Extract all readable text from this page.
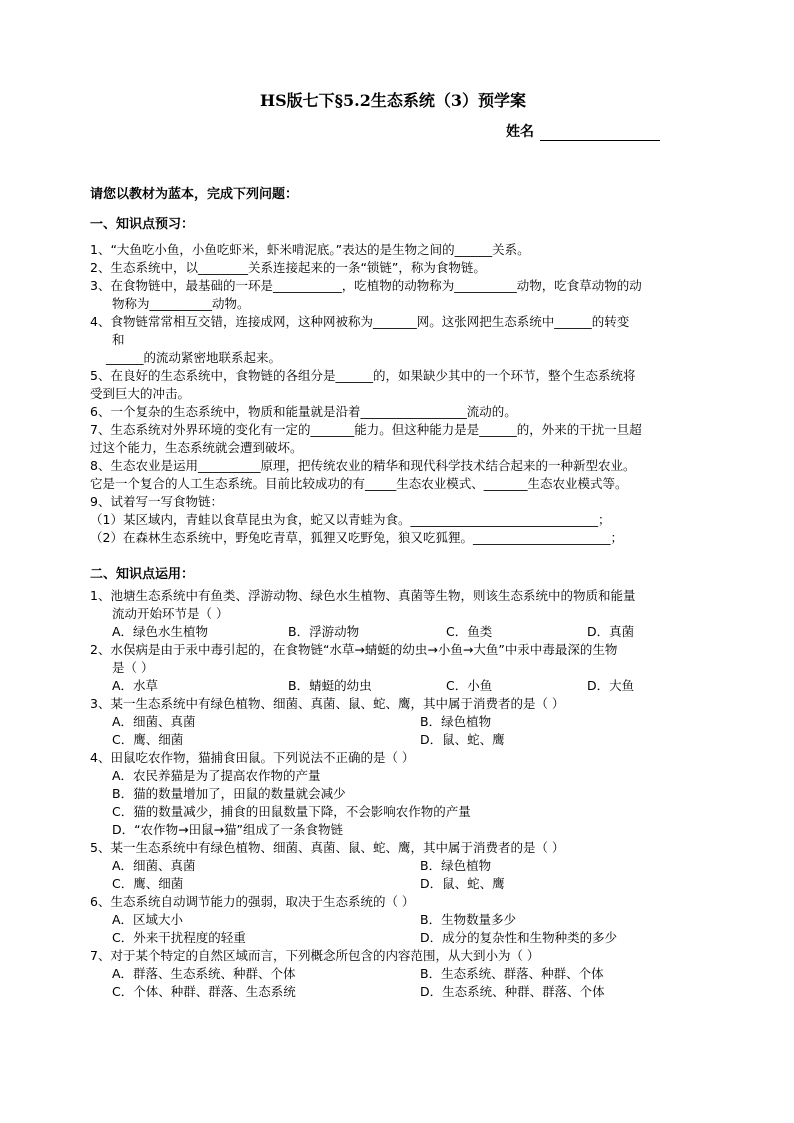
HS版七下§5.2生态系统（3）预学案
姓名
请您以教材为蓝本，完成下列问题：
一、知识点预习：
1、“大鱼吃小鱼，小鱼吃虾米，虾米啃泥底。”表达的是生物之间的______关系。
2、生态系统中，以________关系连接起来的一条“锁链”，称为食物链。
3、在食物链中，最基础的一环是___________，吃植物的动物称为__________动物，吃食草动物的动
物称为__________动物。
4、食物链常常相互交错，连接成网，这种网被称为_______网。这张网把生态系统中______的转变
和
______的流动紧密地联系起来。
5、在良好的生态系统中，食物链的各组分是______的，如果缺少其中的一个环节，整个生态系统将
受到巨大的冲击。
6、一个复杂的生态系统中，物质和能量就是沿着_________________流动的。
7、生态系统对外界环境的变化有一定的_______能力。但这种能力是是______的，外来的干扰一旦超
过这个能力，生态系统就会遭到破坏。
8、生态农业是运用__________原理，把传统农业的精华和现代科学技术结合起来的一种新型农业。
它是一个复合的人工生态系统。目前比较成功的有_____生态农业模式、_______生态农业模式等。
9、试着写一写食物链：
（1）某区域内，青蛙以食草昆虫为食，蛇又以青蛙为食。______________________________；
（2）在森林生态系统中，野兔吃青草，狐狸又吃野兔，狼又吃狐狸。______________________；
二、知识点运用：
1、池塘生态系统中有鱼类、浮游动物、绿色水生植物、真菌等生物，则该生态系统中的物质和能量
流动开始环节是（ ）
A．绿色水生植物	B．浮游动物	C．鱼类	D．真菌
2、水俣病是由于汞中毒引起的，在食物链“水草→蜻蜓的幼虫→小鱼→大鱼”中汞中毒最深的生物
是（ ）
A．水草	B．蜻蜓的幼虫	C．小鱼	D．大鱼
3、某一生态系统中有绿色植物、细菌、真菌、鼠、蛇、鹰，其中属于消费者的是（ ）
A．细菌、真菌	B．绿色植物
C．鹰、细菌	D．鼠、蛇、鹰
4、田鼠吃农作物，猫捕食田鼠。下列说法不正确的是（ ）
A．农民养猫是为了提高农作物的产量
B．猫的数量增加了，田鼠的数量就会减少
C．猫的数量减少，捕食的田鼠数量下降，不会影响农作物的产量
D．“农作物→田鼠→猫”组成了一条食物链
5、某一生态系统中有绿色植物、细菌、真菌、鼠、蛇、鹰，其中属于消费者的是（ ）
A．细菌、真菌	B．绿色植物
C．鹰、细菌	D．鼠、蛇、鹰
6、生态系统自动调节能力的强弱，取决于生态系统的（ ）
A．区域大小	B．生物数量多少
C．外来干扰程度的轻重	D．成分的复杂性和生物种类的多少
7、对于某个特定的自然区域而言，下列概念所包含的内容范围，从大到小为（ ）
A．群落、生态系统、种群、个体	B．生态系统、群落、种群、个体
C．个体、种群、群落、生态系统	D．生态系统、种群、群落、个体
